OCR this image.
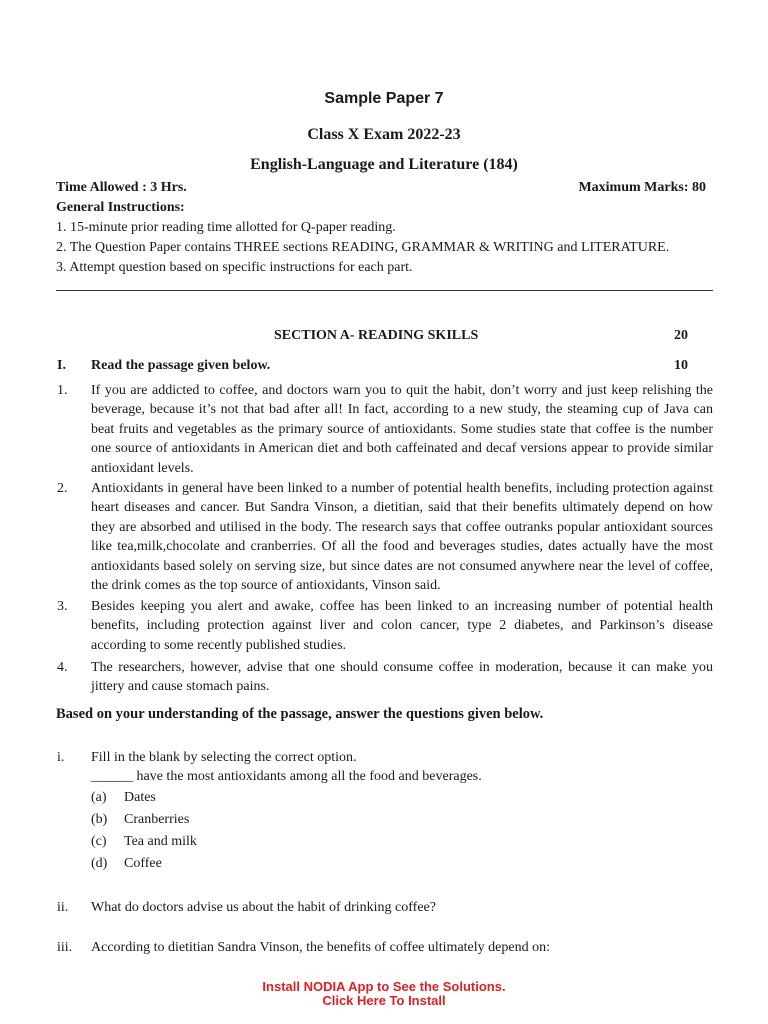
Sample Paper 7
Class X Exam 2022-23
English-Language and Literature (184)
Time Allowed : 3 Hrs.	Maximum Marks: 80
General Instructions:
1. 15-minute prior reading time allotted for Q-paper reading.
2. The Question Paper contains THREE sections READING, GRAMMAR & WRITING and LITERATURE.
3. Attempt question based on specific instructions for each part.
SECTION A- READING SKILLS	20
I. Read the passage given below.	10
1. If you are addicted to coffee, and doctors warn you to quit the habit, don’t worry and just keep relishing the beverage, because it’s not that bad after all! In fact, according to a new study, the steaming cup of Java can beat fruits and vegetables as the primary source of antioxidants. Some studies state that coffee is the number one source of antioxidants in American diet and both caffeinated and decaf versions appear to provide similar antioxidant levels.
2. Antioxidants in general have been linked to a number of potential health benefits, including protection against heart diseases and cancer. But Sandra Vinson, a dietitian, said that their benefits ultimately depend on how they are absorbed and utilised in the body. The research says that coffee outranks popular antioxidant sources like tea,milk,chocolate and cranberries. Of all the food and beverages studies, dates actually have the most antioxidants based solely on serving size, but since dates are not consumed anywhere near the level of coffee, the drink comes as the top source of antioxidants, Vinson said.
3. Besides keeping you alert and awake, coffee has been linked to an increasing number of potential health benefits, including protection against liver and colon cancer, type 2 diabetes, and Parkinson’s disease according to some recently published studies.
4. The researchers, however, advise that one should consume coffee in moderation, because it can make you jittery and cause stomach pains.
Based on your understanding of the passage, answer the questions given below.
i. Fill in the blank by selecting the correct option.
______ have the most antioxidants among all the food and beverages.
(a) Dates
(b) Cranberries
(c) Tea and milk
(d) Coffee
ii. What do doctors advise us about the habit of drinking coffee?
iii. According to dietitian Sandra Vinson, the benefits of coffee ultimately depend on:
Install NODIA App to See the Solutions.
Click Here To Install
